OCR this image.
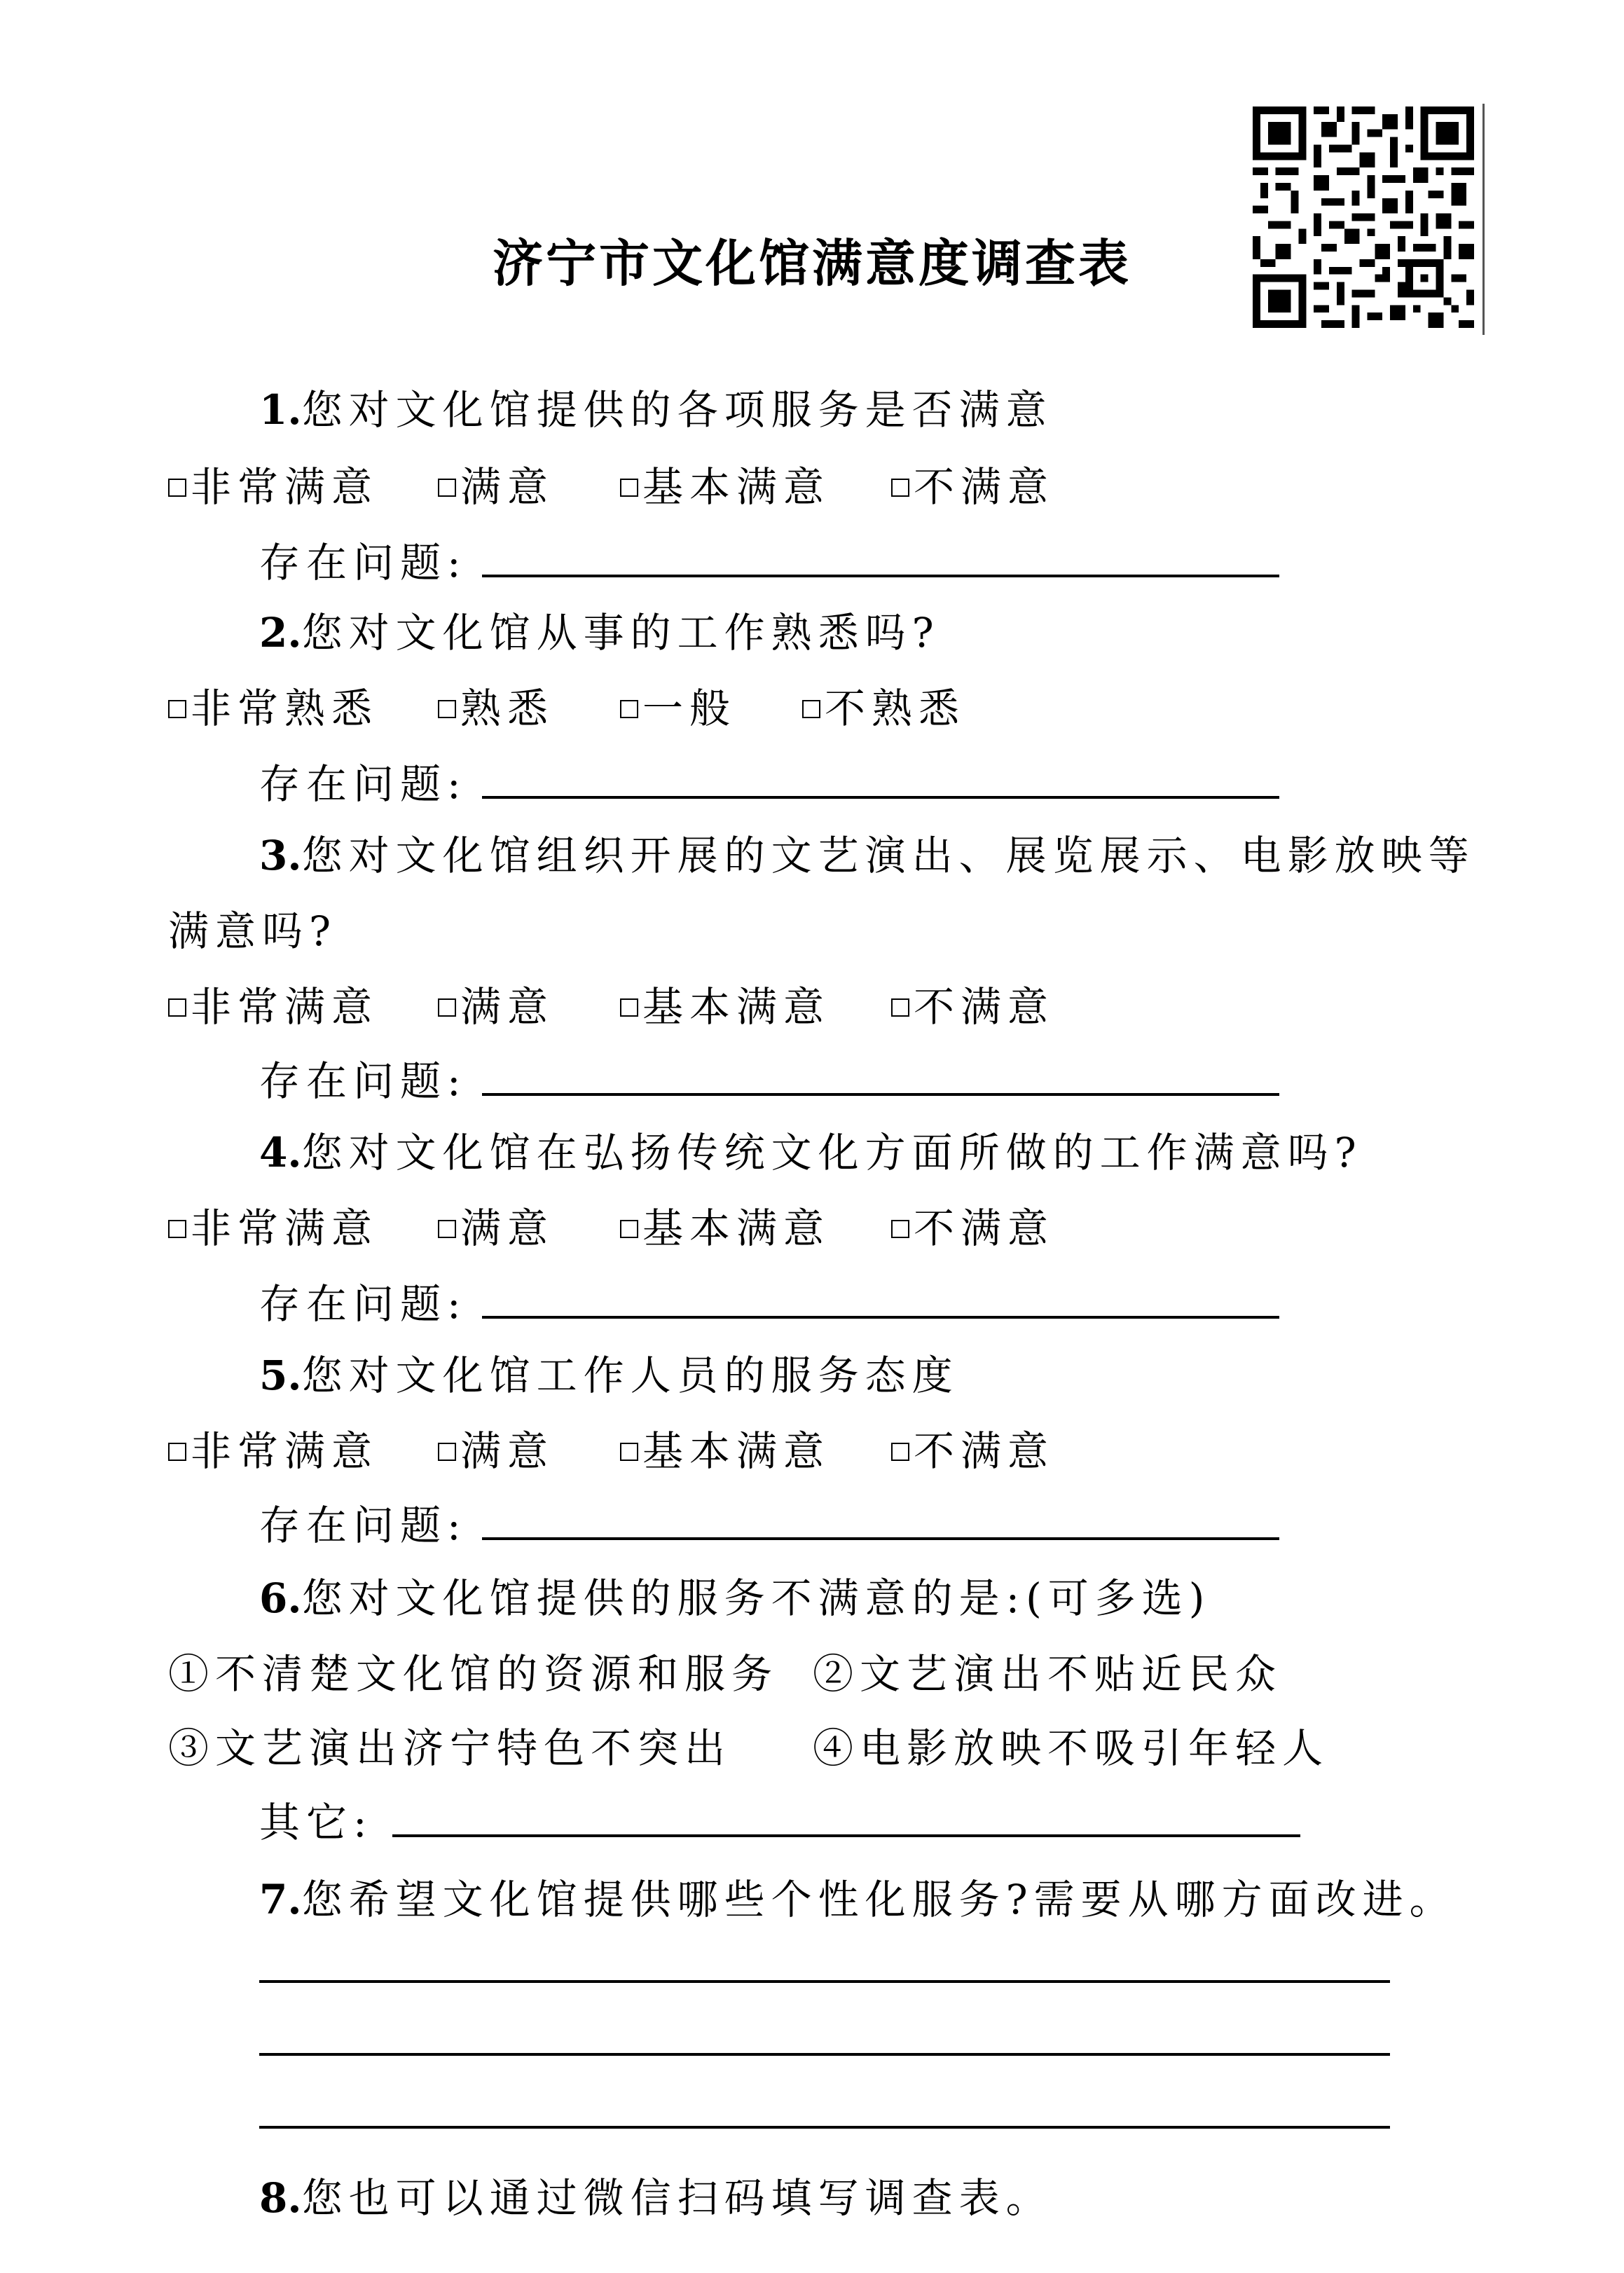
济宁市文化馆满意度调查表
1.您对文化馆提供的各项服务是否满意
非常满意	满意	基本满意	不满意
存在问题:
2.您对文化馆从事的工作熟悉吗?
非常熟悉	熟悉	一般	不熟悉
存在问题:
3.您对文化馆组织开展的文艺演出、展览展示、电影放映等
满意吗?
非常满意	满意	基本满意	不满意
存在问题:
4.您对文化馆在弘扬传统文化方面所做的工作满意吗?
非常满意	满意	基本满意	不满意
存在问题:
5.您对文化馆工作人员的服务态度
非常满意	满意	基本满意	不满意
存在问题:
6.您对文化馆提供的服务不满意的是:(可多选)
①不清楚文化馆的资源和服务 ②文艺演出不贴近民众
③文艺演出济宁特色不突出 ④电影放映不吸引年轻人
其它:
7.您希望文化馆提供哪些个性化服务?需要从哪方面改进。
8.您也可以通过微信扫码填写调查表。
